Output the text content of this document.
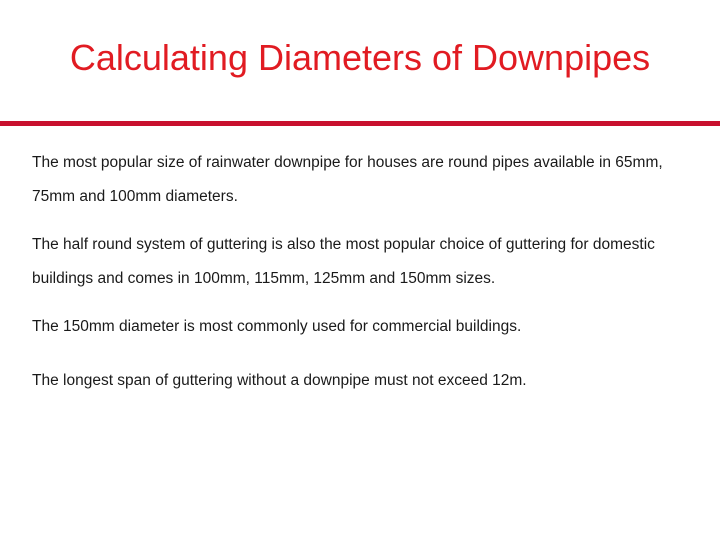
Calculating Diameters of Downpipes

The most popular size of rainwater downpipe for houses are round pipes available in 65mm, 75mm and 100mm diameters.

The half round system of guttering is also the most popular choice of guttering for domestic buildings and comes in 100mm, 115mm, 125mm and 150mm sizes.

The 150mm diameter is most commonly used for commercial buildings.

The longest span of guttering without a downpipe must not exceed 12m.
